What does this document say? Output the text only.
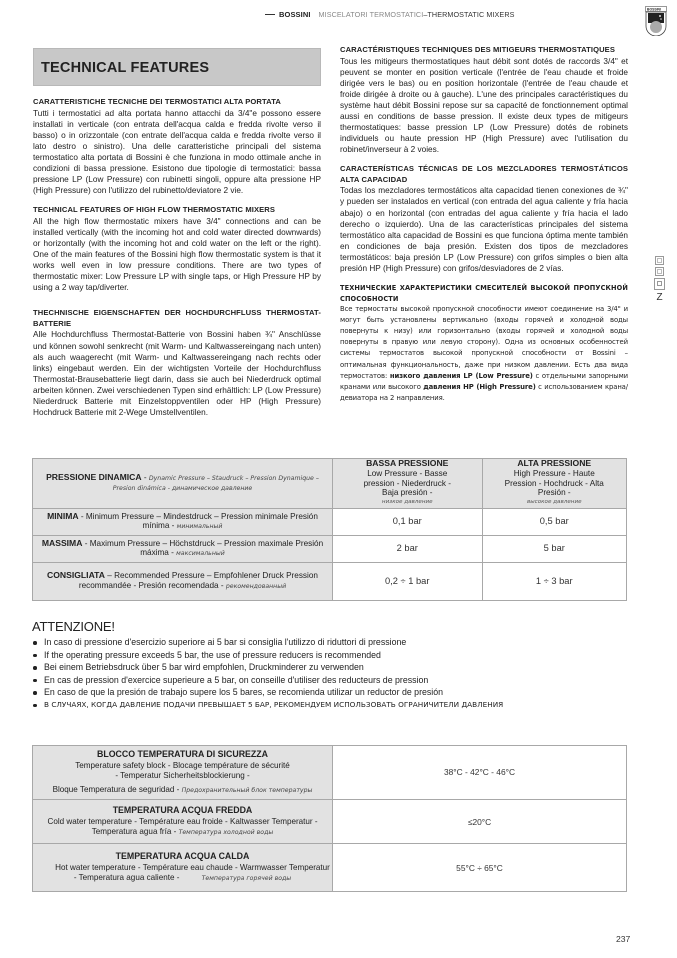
BOSSINI MISCELATORI TERMOSTATICI – THERMOSTATIC MIXERS
BOSSINI
TECHNICAL FEATURES
CARATTERISTICHE TECNICHE DEI TERMOSTATICI ALTA PORTATA

Tutti i termostatici ad alta portata hanno attacchi da 3/4"e possono essere installati in verticale (con entrata dell'acqua calda e fredda rivolte verso il basso) o in orizzontale (con entrate dell'acqua calda e fredda rivolte verso il lato destro o sinistro). Una delle caratteristiche principali del sistema termostatico alta portata di Bossini è che funziona in modo ottimale anche in condizioni di bassa pressione. Esistono due tipologie di termostatici: bassa pressione LP (Low Pressure) con rubinetti singoli, oppure alta pressione HP (High Pressure) con l'utilizzo del rubinetto/deviatore 2 vie.

TECHNICAL FEATURES OF HIGH FLOW THERMOSTATIC MIXERS

All the high flow thermostatic mixers have 3/4" connections and can be installed vertically (with the incoming hot and cold water directed downwards) or horizontally (with the incoming hot and cold water on the left or the right). One of the main features of the Bossini high flow thermostatic system is that it works well even in low pressure conditions. There are two types of thermostatic mixer: Low Pressure LP with single taps, or High Pressure HP by using a 2 way tap/diverter.

THECHNISCHE EIGENSCHAFTEN DER HOCHDURCHFLUSS THERMOSTAT-BATTERIE

Alle Hochdurchfluss Thermostat-Batterie von Bossini haben ¾" Anschlüsse und können sowohl senkrecht (mit Warm- und Kaltwassereingang nach unten) als auch waagerecht (mit Warm- und Kaltwassereingang nach rechts oder links) eingebaut werden. Ein der wichtigsten Vorteile der Hochdurchfluss Thermostat-Brausebatterie liegt darin, dass sie auch bei Niederdruck optimal arbeiten können. Zwei verschiedenen Typen sind erhältlich: LP (Low Pressure) Niederdruck Batterie mit Einzelstoppventilen oder HP (High Pressure) Hochdruck Batterie mit 2-Wege Umstellventilen.

CARACTÉRISTIQUES TECHNIQUES DES MITIGEURS THERMOSTATIQUES

Tous les mitigeurs thermostatiques haut débit sont dotés de raccords 3/4" et peuvent se monter en position verticale (l'entrée de l'eau chaude et froide dirigée vers le bas) ou en position horizontale (l'entrée de l'eau chaude et froide dirigée à droite ou à gauche). L'une des principales caractéristiques du système haut débit Bossini repose sur sa capacité de fonctionnement optimal aussi en conditions de basse pression. Il existe deux types de mitigeurs thermostatiques: basse pression LP (Low Pressure) dotés de robinets individuels ou haute pression HP (High Pressure) avec l'utilisation du robinet/inverseur à 2 voies.

CARACTERÍSTICAS TÉCNICAS DE LOS MEZCLADORES TERMOSTÁTICOS ALTA CAPACIDAD

Todas los mezcladores termostáticos alta capacidad tienen conexiones de ¾" y pueden ser instalados en vertical (con entrada del agua caliente y fría hacia abajo) o en horizontal (con entradas del agua caliente y fría hacia el lado derecho o izquierdo). Una de las características principales del sistema termostático alta capacidad de Bossini es que funciona óptima mente también en condiciones de baja presión. Existen dos tipos de mezcladores termostáticos: baja presión LP (Low Pressure) con grifos simples o bien alta presión HP (High Pressure) con grifos/desviadores de 2 vías.

ТЕХНИЧЕСКИЕ ХАРАКТЕРИСТИКИ СМЕСИТЕЛЕЙ ВЫСОКОЙ ПРОПУСКНОЙ СПОСОБНОСТИ

Все термостаты высокой пропускной способности имеют соединение на 3/4" и могут быть установлены вертикально (входы горячей и холодной воды повернуты к низу) или горизонтально (входы горячей и холодной воды повернуты в правую или левую сторону). Одна из основных особенностей системы термостатов высокой пропускной способности от Bossini – оптимальная функциональность, даже при низком давлении. Есть два вида термостатов: низкого давления LP (Low Pressure) с отдельными запорными кранами или высокого давления HP (High Pressure) с использованием крана/девиатора на 2 направления.

Z
PRESSIONE DINAMICA - Dynamic Pressure – Staudruck – Pression Dynamique – Presion dinámica - динамическое давление	
BASSA PRESSIONE
Low Pressure - Basse pression - Niederdruck - Baja presión -
низкое давление

ALTA PRESSIONE
High Pressure - Haute Pression - Hochdruck - Alta Presión -
высокое давление

MINIMA - Minimum Pressure – Mindestdruck – Pression minimale Presión mínima - минимальный	0,1 bar	0,5 bar
MASSIMA - Maximum Pressure – Höchstdruck – Pression maximale Presión máxima - максимальный	2 bar	5 bar
CONSIGLIATA – Recommended Pressure – Empfohlener Druck Pression recommandée - Presión recomendada - рекомендованный	0,2 ÷ 1 bar	1 ÷ 3 bar
ATTENZIONE!
In caso di pressione d'esercizio superiore ai 5 bar si consiglia l'utilizzo di riduttori di pressione
If the operating pressure exceeds 5 bar, the use of pressure reducers is recommended
Bei einem Betriebsdruck über 5 bar wird empfohlen, Druckminderer zu verwenden
En cas de pression d'exercice superieure a 5 bar, on conseille d'utiliser des reducteurs de pression
En caso de que la presión de trabajo supere los 5 bares, se recomienda utilizar un reductor de presión
В СЛУЧАЯХ, КОГДА ДАВЛЕНИЕ ПОДАЧИ ПРЕВЫШАЕТ 5 БАР, РЕКОМЕНДУЕМ ИСПОЛЬЗОВАТЬ ОГРАНИЧИТЕЛИ ДАВЛЕНИЯ
BLOCCO TEMPERATURA DI SICUREZZA
Temperature safety block - Blocage température de sécurité - Temperatur Sicherheitsblockierung -
Bloque Temperatura de seguridad - Предохранительный блок температуры	38°C - 42°C - 46°C

TEMPERATURA ACQUA FREDDA
Cold water temperature - Température eau froide - Kaltwasser Temperatur - Temperatura agua fría - Температура холодной воды	≤20°C

TEMPERATURA ACQUA CALDA
Hot water temperature - Température eau chaude - Warmwasser Temperatur - Temperatura agua caliente - Температура горячей воды	55°C ÷ 65°C
237
